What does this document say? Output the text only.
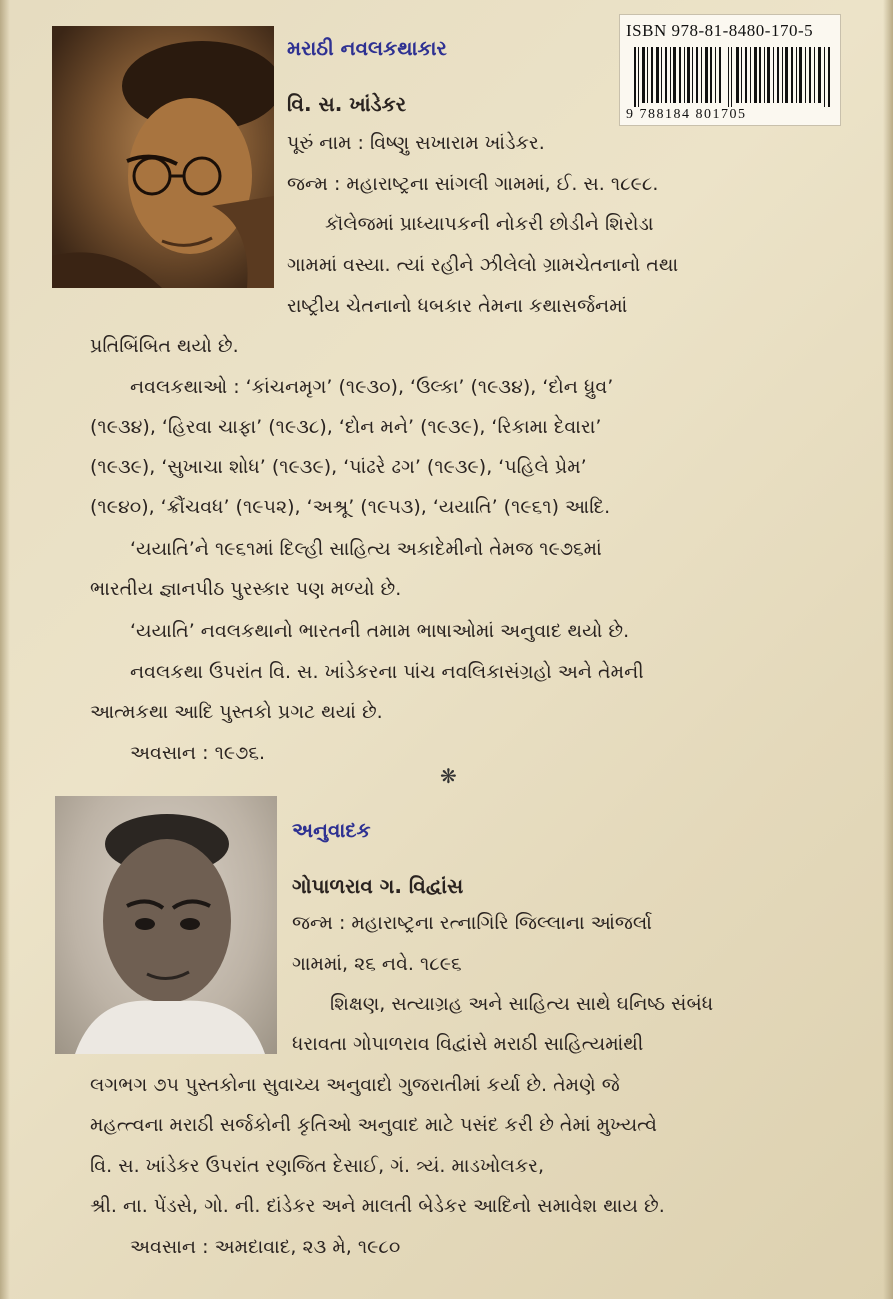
ISBN 978-81-8480-170-5
9 788184 801705
મરાઠી નવલકથાકાર
વિ. સ. ખાંડેકર
પૂરું નામ : વિષ્ણુ સખારામ ખાંડેકર.
જન્મ : મહારાષ્ટ્રના સાંગલી ગામમાં, ઈ. સ. ૧૮૯૮.
કૉલેજમાં પ્રાધ્યાપકની નોકરી છોડીને શિરોડા
ગામમાં વસ્યા. ત્યાં રહીને ઝીલેલો ગ્રામચેતનાનો તથા
રાષ્ટ્રીય ચેતનાનો ધબકાર તેમના કથાસર્જનમાં
પ્રતિબિંબિત થયો છે.
નવલકથાઓ : ‘કાંચનમૃગ’ (૧૯૩૦), ‘ઉલ્કા’ (૧૯૩૪), ‘દોન ધ્રુવ’
(૧૯૩૪), ‘હિરવા ચાફા’ (૧૯૩૮), ‘દોન મને’ (૧૯૩૯), ‘રિકામા દેવારા’
(૧૯૩૯), ‘સુખાચા શોધ’ (૧૯૩૯), ‘પાંઢરે ઢગ’ (૧૯૩૯), ‘પહિલે પ્રેમ’
(૧૯૪૦), ‘ક્રૌંચવધ’ (૧૯૫૨), ‘અશ્રૂ’ (૧૯૫૩), ‘યયાતિ’ (૧૯૬૧) આદિ.
‘યયાતિ’ને ૧૯૬૧માં દિલ્હી સાહિત્ય અકાદેમીનો તેમજ ૧૯૭૬માં
ભારતીય જ્ઞાનપીઠ પુરસ્કાર પણ મળ્યો છે.
‘યયાતિ’ નવલકથાનો ભારતની તમામ ભાષાઓમાં અનુવાદ થયો છે.
નવલકથા ઉપરાંત વિ. સ. ખાંડેકરના પાંચ નવલિકાસંગ્રહો અને તેમની
આત્મકથા આદિ પુસ્તકો પ્રગટ થયાં છે.
અવસાન : ૧૯૭૬.
❋
અનુવાદક
ગોપાળરાવ ગ. વિદ્વાંસ
જન્મ : મહારાષ્ટ્રના રત્નાગિરિ જિલ્લાના આંજર્લા
ગામમાં, ૨૬ નવે. ૧૮૯૬
શિક્ષણ, સત્યાગ્રહ અને સાહિત્ય સાથે ઘનિષ્ઠ સંબંધ
ધરાવતા ગોપાળરાવ વિદ્વાંસે મરાઠી સાહિત્યમાંથી
લગભગ ૭૫ પુસ્તકોના સુવાચ્ય અનુવાદો ગુજરાતીમાં કર્યા છે. તેમણે જે
મહત્ત્વના મરાઠી સર્જકોની કૃતિઓ અનુવાદ માટે પસંદ કરી છે તેમાં મુખ્યત્વે
વિ. સ. ખાંડેકર ઉપરાંત રણજિત દેસાઈ, ગં. ત્ર્યં. માડખોલકર,
શ્રી. ના. પેંડસે, ગો. ની. દાંડેકર અને માલતી બેડેકર આદિનો સમાવેશ થાય છે.
અવસાન : અમદાવાદ, ૨૩ મે, ૧૯૮૦
